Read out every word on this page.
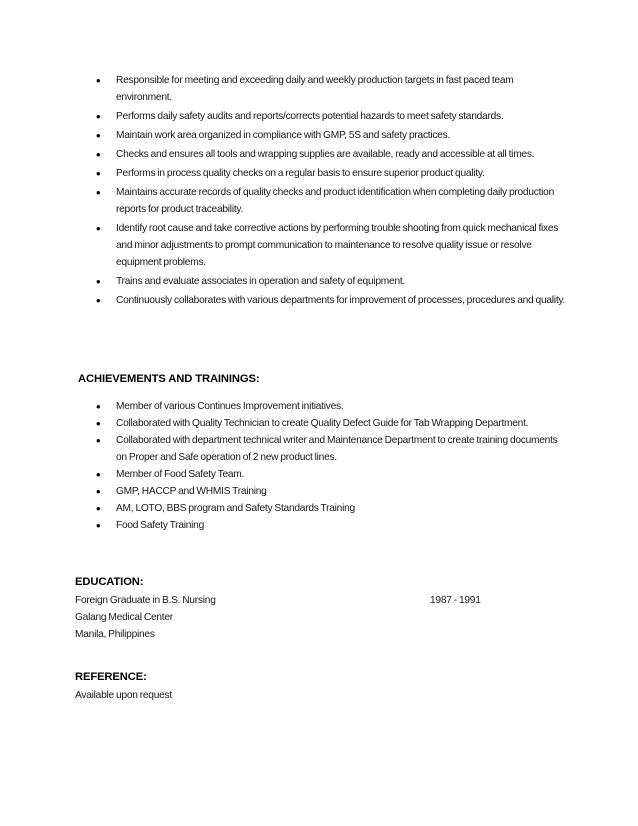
• Responsible for meeting and exceeding daily and weekly production targets in fast paced team environment.
• Performs daily safety audits and reports/corrects potential hazards to meet safety standards.
• Maintain work area organized in compliance with GMP, 5S and safety practices.
• Checks and ensures all tools and wrapping supplies are available, ready and accessible at all times.
• Performs in process quality checks on a regular basis to ensure superior product quality.
• Maintains accurate records of quality checks and product identification when completing daily production reports for product traceability.
• Identify root cause and take corrective actions by performing trouble shooting from quick mechanical fixes and minor adjustments to prompt communication to maintenance to resolve quality issue or resolve equipment problems.
• Trains and evaluate associates in operation and safety of equipment.
• Continuously collaborates with various departments for improvement of processes, procedures and quality.
ACHIEVEMENTS AND TRAININGS:
• Member of various Continues Improvement initiatives.
• Collaborated with Quality Technician to create Quality Defect Guide for Tab Wrapping Department.
• Collaborated with department technical writer and Maintenance Department to create training documents on Proper and Safe operation of 2 new product lines.
• Member of Food Safety Team.
• GMP, HACCP and WHMIS Training
• AM, LOTO, BBS program and Safety Standards Training
• Food Safety Training
EDUCATION:
Foreign Graduate in B.S. Nursing	1987 - 1991
Galang Medical Center
Manila, Philippines
REFERENCE:
Available upon request
